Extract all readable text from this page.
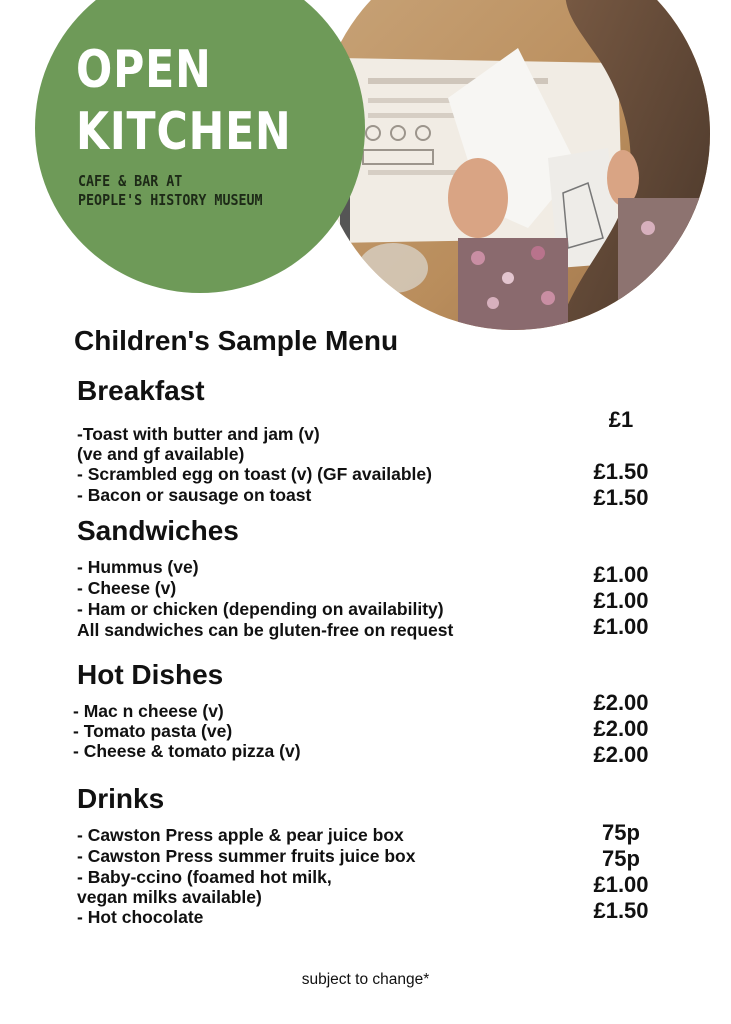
OPEN
KITCHEN
CAFE & BAR AT
PEOPLE'S HISTORY MUSEUM
Children's Sample Menu
Breakfast
-Toast with butter and jam (v)
(ve and gf available)
- Scrambled egg on toast (v) (GF available)
- Bacon or sausage on toast
£1
£1.50
£1.50
Sandwiches
- Hummus (ve)
- Cheese (v)
- Ham or chicken (depending on availability)
All sandwiches can be gluten-free on request
£1.00
£1.00
£1.00
Hot Dishes
- Mac n cheese (v)
- Tomato pasta (ve)
- Cheese & tomato pizza (v)
£2.00
£2.00
£2.00
Drinks
- Cawston Press apple & pear juice box
- Cawston Press summer fruits juice box
- Baby-ccino (foamed hot milk,
vegan milks available)
- Hot chocolate
75p
75p
£1.00
£1.50
subject to change*
